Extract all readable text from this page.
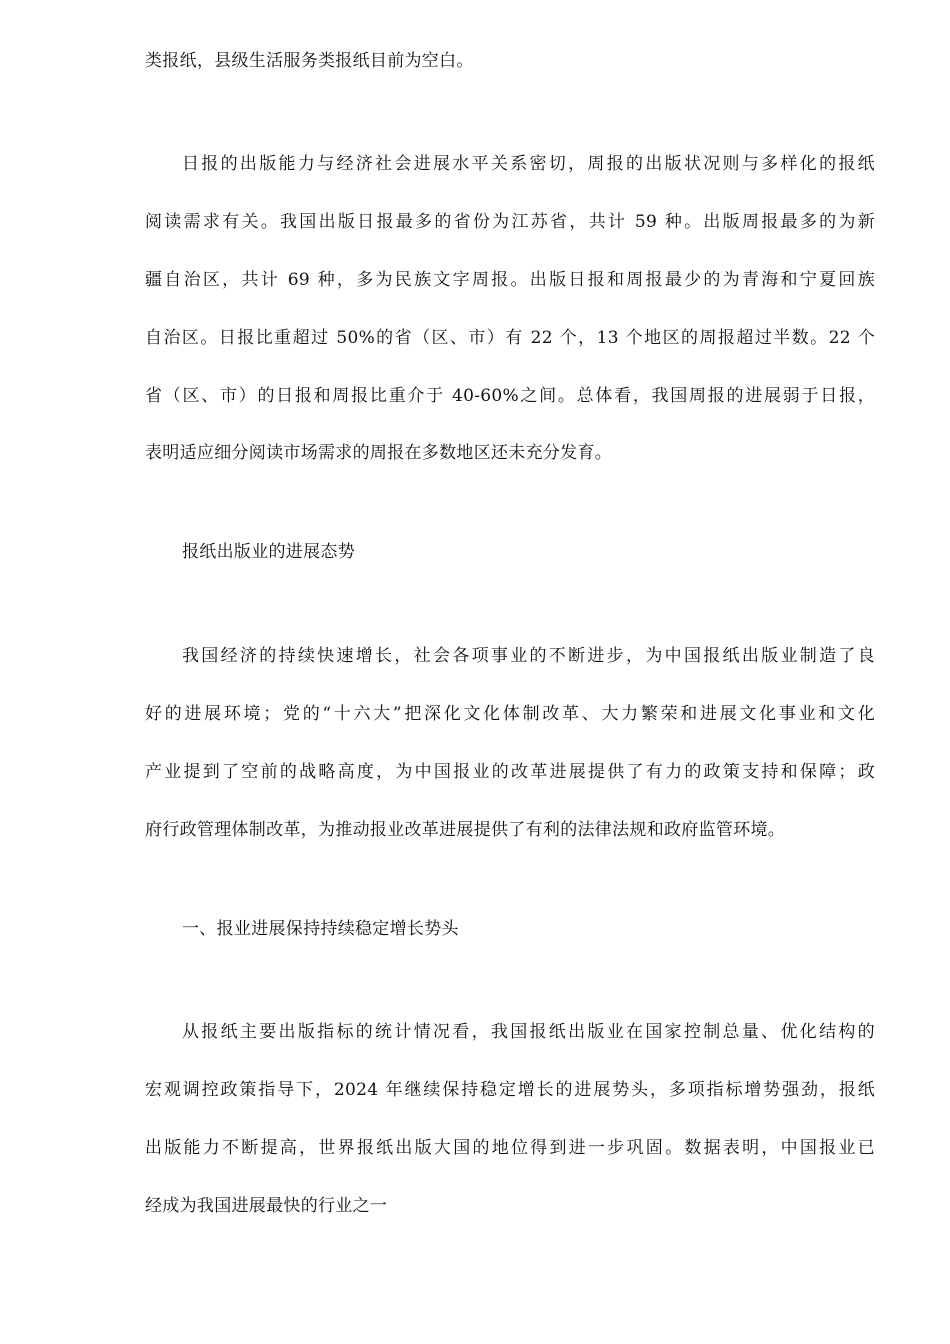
类报纸，县级生活服务类报纸目前为空白。
日报的出版能力与经济社会进展水平关系密切，周报的出版状况则与多样化的报纸
阅读需求有关。我国出版日报最多的省份为江苏省，共计 59 种。出版周报最多的为新
疆自治区，共计 69 种，多为民族文字周报。出版日报和周报最少的为青海和宁夏回族
自治区。日报比重超过 50%的省（区、市）有 22 个，13 个地区的周报超过半数。22 个
省（区、市）的日报和周报比重介于 40-60%之间。总体看，我国周报的进展弱于日报，
表明适应细分阅读市场需求的周报在多数地区还未充分发育。
报纸出版业的进展态势
我国经济的持续快速增长，社会各项事业的不断进步，为中国报纸出版业制造了良
好的进展环境；党的“十六大”把深化文化体制改革、大力繁荣和进展文化事业和文化
产业提到了空前的战略高度，为中国报业的改革进展提供了有力的政策支持和保障；政
府行政管理体制改革，为推动报业改革进展提供了有利的法律法规和政府监管环境。
一、报业进展保持持续稳定增长势头
从报纸主要出版指标的统计情况看，我国报纸出版业在国家控制总量、优化结构的
宏观调控政策指导下，2024 年继续保持稳定增长的进展势头，多项指标增势强劲，报纸
出版能力不断提高，世界报纸出版大国的地位得到进一步巩固。数据表明，中国报业已
经成为我国进展最快的行业之一
